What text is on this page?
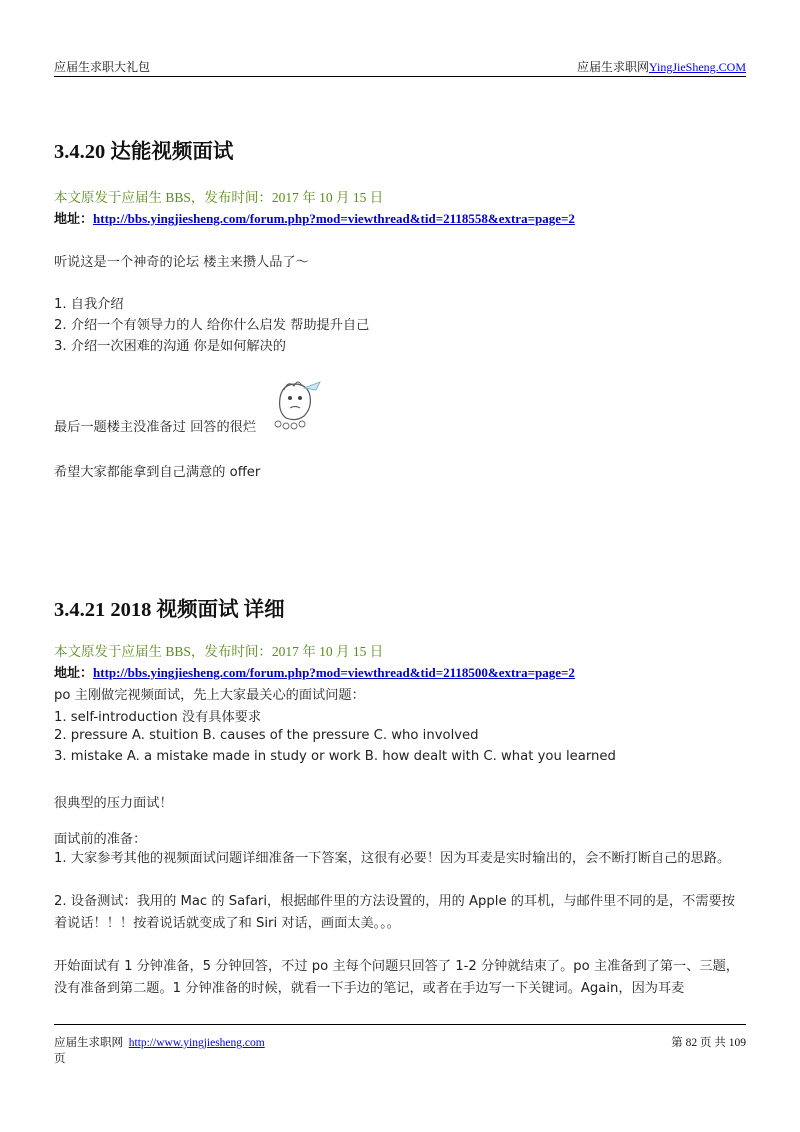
应届生求职大礼包	应届生求职网YingJieSheng.COM
3.4.20 达能视频面试
本文原发于应届生 BBS，发布时间：2017 年 10 月 15 日
地址：http://bbs.yingjiesheng.com/forum.php?mod=viewthread&tid=2118558&extra=page=2
听说这是一个神奇的论坛 楼主来攒人品了～
1. 自我介绍
2. 介绍一个有领导力的人 给你什么启发 帮助提升自己
3. 介绍一次困难的沟通 你是如何解决的
最后一题楼主没准备过 回答的很烂
希望大家都能拿到自己满意的 offer
3.4.21 2018 视频面试 详细
本文原发于应届生 BBS，发布时间：2017 年 10 月 15 日
地址：http://bbs.yingjiesheng.com/forum.php?mod=viewthread&tid=2118500&extra=page=2
po 主刚做完视频面试，先上大家最关心的面试问题：
1. self-introduction 没有具体要求
2. pressure A. stuition B. causes of the pressure C. who involved
3. mistake A. a mistake made in study or work B. how dealt with C. what you learned
很典型的压力面试！
面试前的准备：
1. 大家参考其他的视频面试问题详细准备一下答案，这很有必要！因为耳麦是实时输出的，会不断打断自己的思路。
2. 设备测试：我用的 Mac 的 Safari，根据邮件里的方法设置的，用的 Apple 的耳机，与邮件里不同的是，不需要按着说话！！！按着说话就变成了和 Siri 对话，画面太美。。。
开始面试有 1 分钟准备，5 分钟回答，不过 po 主每个问题只回答了 1-2 分钟就结束了。po 主准备到了第一、三题，没有准备到第二题。1 分钟准备的时候，就看一下手边的笔记，或者在手边写一下关键词。Again，因为耳麦
应届生求职网 http://www.yingjiesheng.com	第 82 页 共 109
页
